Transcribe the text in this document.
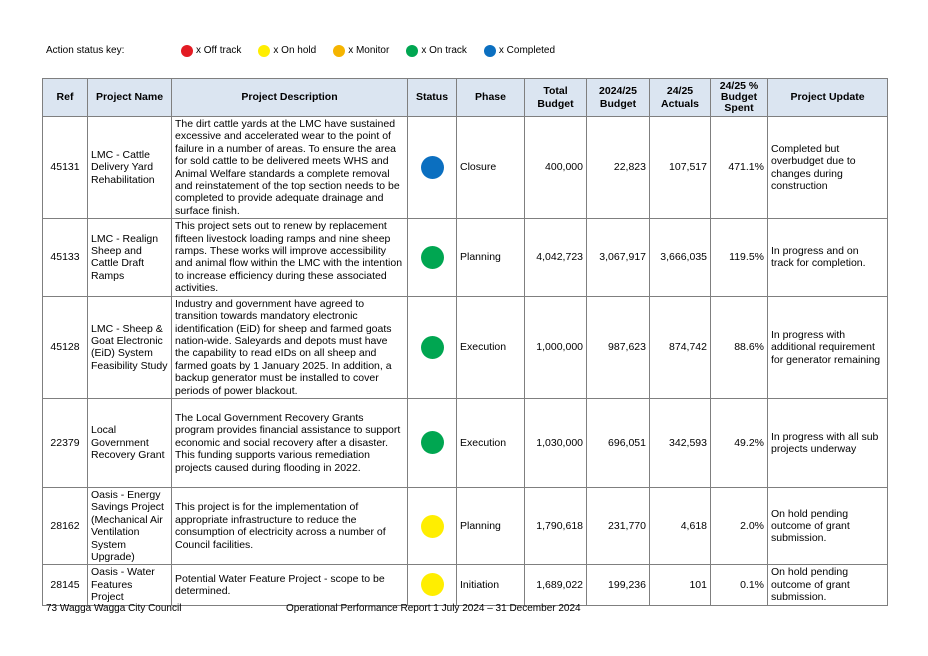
Action status key:	x Off track	x On hold	x Monitor	x On track	x Completed
Ref	Project Name	Project Description	Status	Phase	Total Budget	2024/25 Budget	24/25 Actuals	24/25 % Budget Spent	Project Update
45131	LMC - Cattle Delivery Yard Rehabilitation	The dirt cattle yards at the LMC have sustained excessive and accelerated wear to the point of failure in a number of areas. To ensure the area for sold cattle to be delivered meets WHS and Animal Welfare standards a complete removal and reinstatement of the top section needs to be completed to provide adequate drainage and surface finish.		Closure	400,000	22,823	107,517	471.1%	Completed but overbudget due to changes during construction
45133	LMC - Realign Sheep and Cattle Draft Ramps	This project sets out to renew by replacement fifteen livestock loading ramps and nine sheep ramps. These works will improve accessibility and animal flow within the LMC with the intention to increase efficiency during these associated activities.		Planning	4,042,723	3,067,917	3,666,035	119.5%	In progress and on track for completion.
45128	LMC - Sheep & Goat Electronic (EiD) System Feasibility Study	Industry and government have agreed to transition towards mandatory electronic identification (EiD) for sheep and farmed goats nation-wide. Saleyards and depots must have the capability to read eIDs on all sheep and farmed goats by 1 January 2025. In addition, a backup generator must be installed to cover periods of power blackout.		Execution	1,000,000	987,623	874,742	88.6%	In progress with additional requirement for generator remaining
22379	Local Government Recovery Grant	The Local Government Recovery Grants program provides financial assistance to support economic and social recovery after a disaster. This funding supports various remediation projects caused during flooding in 2022.		Execution	1,030,000	696,051	342,593	49.2%	In progress with all sub projects underway
28162	Oasis - Energy Savings Project (Mechanical Air Ventilation System Upgrade)	This project is for the implementation of appropriate infrastructure to reduce the consumption of electricity across a number of Council facilities.		Planning	1,790,618	231,770	4,618	2.0%	On hold pending outcome of grant submission.
28145	Oasis - Water Features Project	Potential Water Feature Project - scope to be determined.		Initiation	1,689,022	199,236	101	0.1%	On hold pending outcome of grant submission.
73 Wagga Wagga City Council	Operational Performance Report 1 July 2024 – 31 December 2024
